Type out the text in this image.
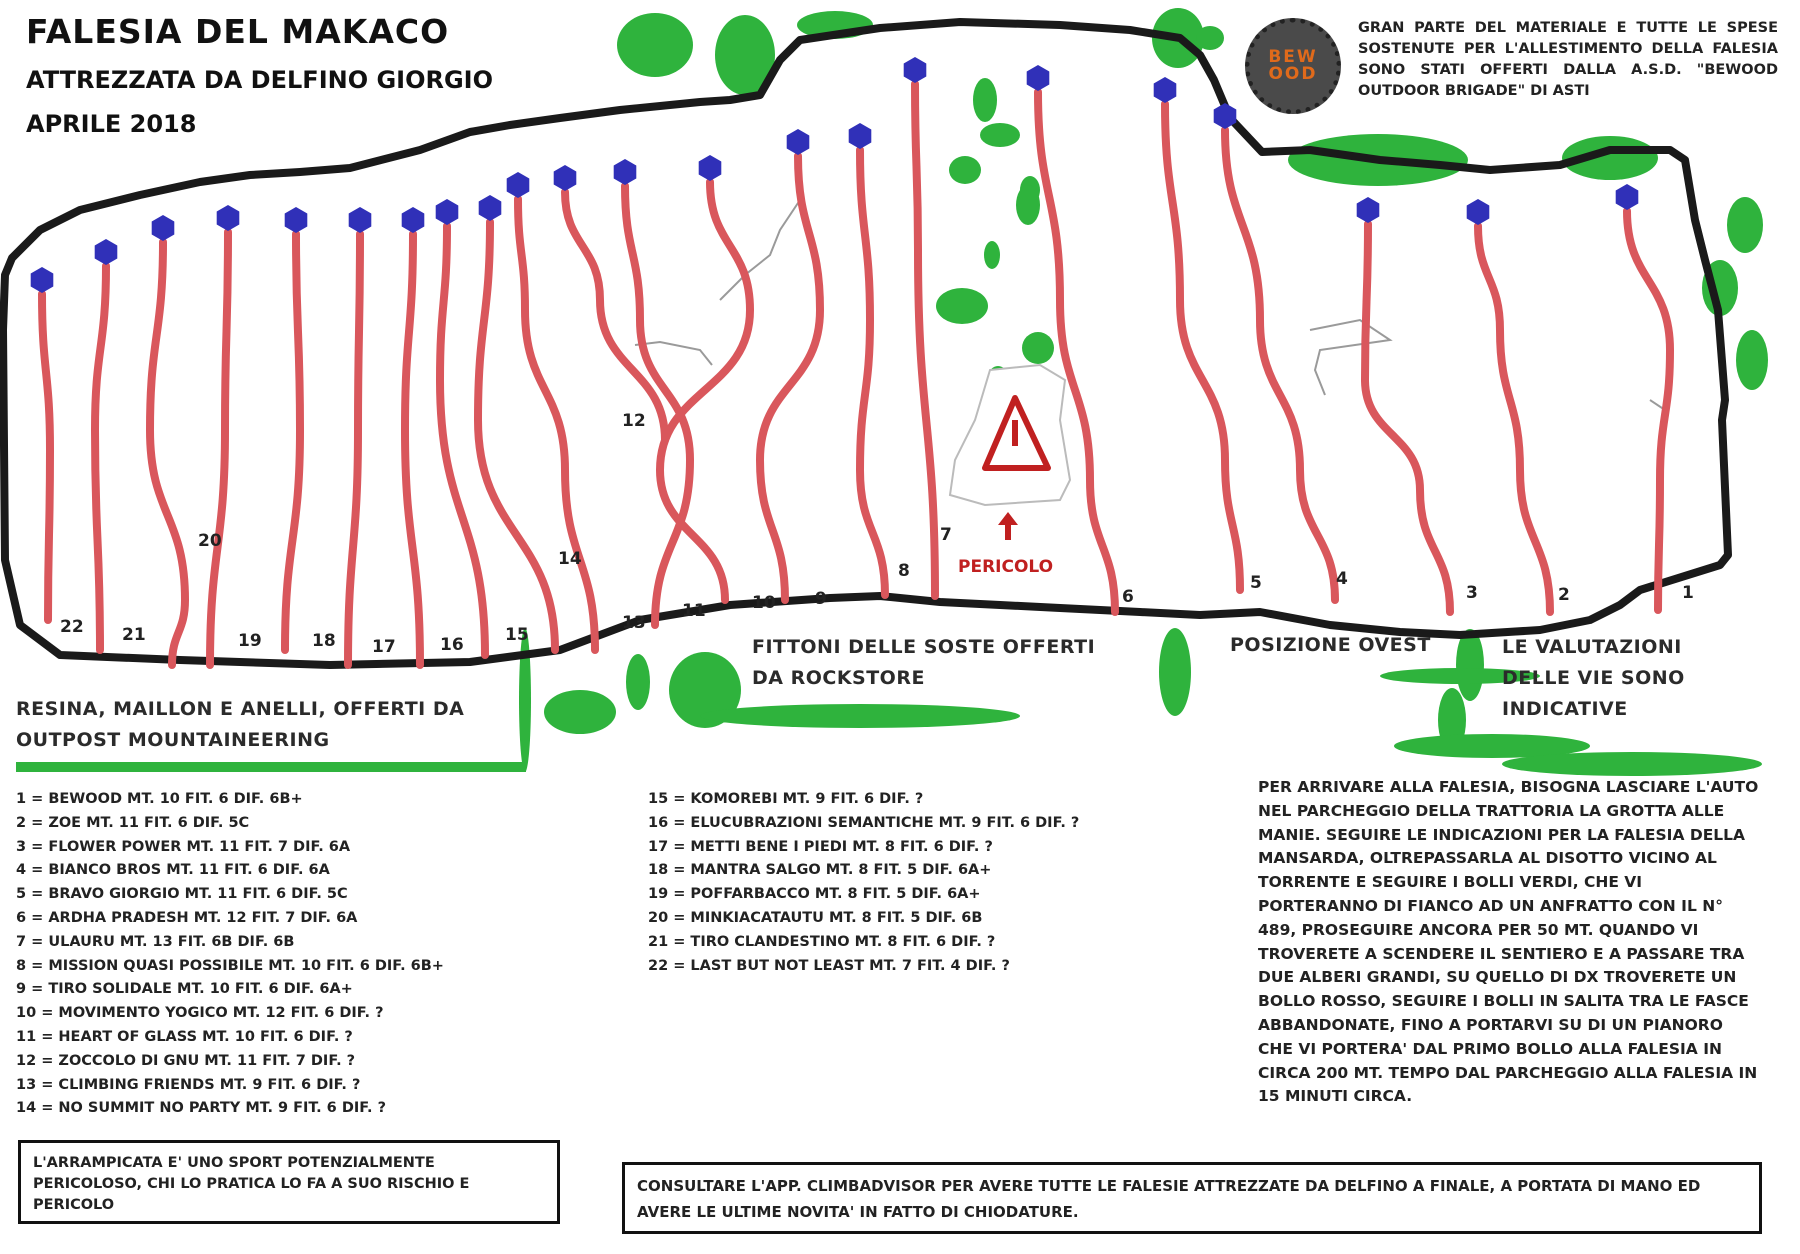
PERICOLO
22 21
20
19	18 17	16 15
14
13
12
11	10 9
8
7
6
5	4
3	2	1
FALESIA DEL MAKACO
ATTREZZATA DA DELFINO GIORGIO
APRILE 2018
BEWOOD
GRAN PARTE DEL MATERIALE E TUTTE LE SPESE SOSTENUTE PER L'ALLESTIMENTO DELLA FALESIA SONO STATI OFFERTI DALLA A.S.D. "BEWOOD OUTDOOR BRIGADE" DI ASTI
RESINA, MAILLON E ANELLI, OFFERTI DA
OUTPOST MOUNTAINEERING
FITTONI DELLE SOSTE OFFERTI
DA ROCKSTORE
POSIZIONE OVEST	LE VALUTAZIONI
DELLE VIE SONO
INDICATIVE
1 = BEWOOD MT. 10 FIT. 6 DIF. 6B+
2 = ZOE MT. 11 FIT. 6 DIF. 5C
3 = FLOWER POWER MT. 11 FIT. 7 DIF. 6A
4 = BIANCO BROS MT. 11 FIT. 6 DIF. 6A
5 = BRAVO GIORGIO MT. 11 FIT. 6 DIF. 5C
6 = ARDHA PRADESH MT. 12 FIT. 7 DIF. 6A
7 = ULAURU MT. 13 FIT. 6B DIF. 6B
8 = MISSION QUASI POSSIBILE MT. 10 FIT. 6 DIF. 6B+
9 = TIRO SOLIDALE MT. 10 FIT. 6 DIF. 6A+
10 = MOVIMENTO YOGICO MT. 12 FIT. 6 DIF. ?
11 = HEART OF GLASS MT. 10 FIT. 6 DIF. ?
12 = ZOCCOLO DI GNU MT. 11 FIT. 7 DIF. ?
13 = CLIMBING FRIENDS MT. 9 FIT. 6 DIF. ?
14 = NO SUMMIT NO PARTY MT. 9 FIT. 6 DIF. ?
15 = KOMOREBI MT. 9 FIT. 6 DIF. ?
16 = ELUCUBRAZIONI SEMANTICHE MT. 9 FIT. 6 DIF. ?
17 = METTI BENE I PIEDI MT. 8 FIT. 6 DIF. ?
18 = MANTRA SALGO MT. 8 FIT. 5 DIF. 6A+
19 = POFFARBACCO MT. 8 FIT. 5 DIF. 6A+
20 = MINKIACATAUTU MT. 8 FIT. 5 DIF. 6B
21 = TIRO CLANDESTINO MT. 8 FIT. 6 DIF. ?
22 = LAST BUT NOT LEAST MT. 7 FIT. 4 DIF. ?
PER ARRIVARE ALLA FALESIA, BISOGNA LASCIARE L'AUTO NEL PARCHEGGIO DELLA TRATTORIA LA GROTTA ALLE MANIE. SEGUIRE LE INDICAZIONI PER LA FALESIA DELLA MANSARDA, OLTREPASSARLA AL DISOTTO VICINO AL TORRENTE E SEGUIRE I BOLLI VERDI, CHE VI PORTERANNO DI FIANCO AD UN ANFRATTO CON IL N° 489, PROSEGUIRE ANCORA PER 50 MT. QUANDO VI TROVERETE A SCENDERE IL SENTIERO E A PASSARE TRA DUE ALBERI GRANDI, SU QUELLO DI DX TROVERETE UN BOLLO ROSSO, SEGUIRE I BOLLI IN SALITA TRA LE FASCE ABBANDONATE, FINO A PORTARVI SU DI UN PIANORO CHE VI PORTERA' DAL PRIMO BOLLO ALLA FALESIA IN CIRCA 200 MT. TEMPO DAL PARCHEGGIO ALLA FALESIA IN 15 MINUTI CIRCA.
L'ARRAMPICATA E' UNO SPORT POTENZIALMENTE PERICOLOSO, CHI LO PRATICA LO FA A SUO RISCHIO E PERICOLO
CONSULTARE L'APP. CLIMBADVISOR PER AVERE TUTTE LE FALESIE ATTREZZATE DA DELFINO A FINALE, A PORTATA DI MANO ED AVERE LE ULTIME NOVITA' IN FATTO DI CHIODATURE.
